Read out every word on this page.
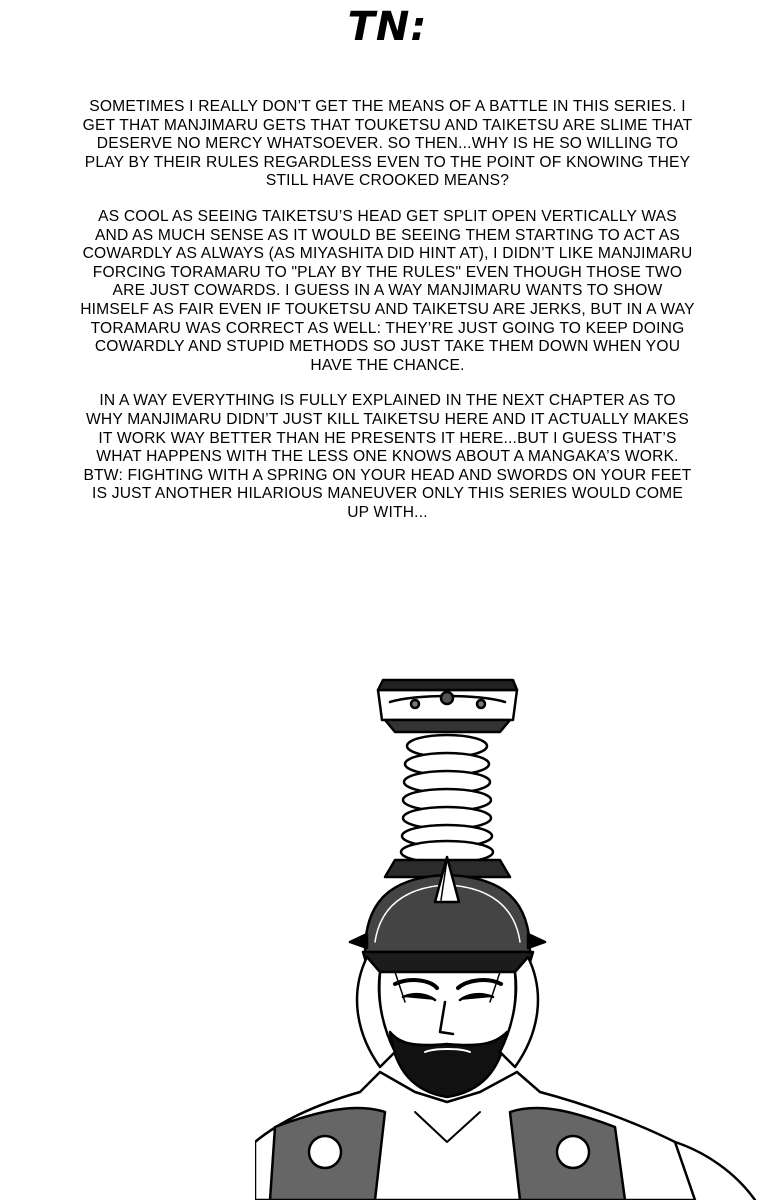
TN:

SOMETIMES I REALLY DON’T GET THE MEANS OF A BATTLE IN THIS SERIES. I GET THAT MANJIMARU GETS THAT TOUKETSU AND TAIKETSU ARE SLIME THAT DESERVE NO MERCY WHATSOEVER. SO THEN...WHY IS HE SO WILLING TO PLAY BY THEIR RULES REGARDLESS EVEN TO THE POINT OF KNOWING THEY STILL HAVE CROOKED MEANS?

AS COOL AS SEEING TAIKETSU’S HEAD GET SPLIT OPEN VERTICALLY WAS AND AS MUCH SENSE AS IT WOULD BE SEEING THEM STARTING TO ACT AS COWARDLY AS ALWAYS (AS MIYASHITA DID HINT AT), I DIDN’T LIKE MANJIMARU FORCING TORAMARU TO "PLAY BY THE RULES" EVEN THOUGH THOSE TWO ARE JUST COWARDS. I GUESS IN A WAY MANJIMARU WANTS TO SHOW HIMSELF AS FAIR EVEN IF TOUKETSU AND TAIKETSU ARE JERKS, BUT IN A WAY TORAMARU WAS CORRECT AS WELL: THEY’RE JUST GOING TO KEEP DOING COWARDLY AND STUPID METHODS SO JUST TAKE THEM DOWN WHEN YOU HAVE THE CHANCE.

IN A WAY EVERYTHING IS FULLY EXPLAINED IN THE NEXT CHAPTER AS TO WHY MANJIMARU DIDN’T JUST KILL TAIKETSU HERE AND IT ACTUALLY MAKES IT WORK WAY BETTER THAN HE PRESENTS IT HERE...BUT I GUESS THAT’S WHAT HAPPENS WITH THE LESS ONE KNOWS ABOUT A MANGAKA’S WORK. BTW: FIGHTING WITH A SPRING ON YOUR HEAD AND SWORDS ON YOUR FEET IS JUST ANOTHER HILARIOUS MANEUVER ONLY THIS SERIES WOULD COME UP WITH...
